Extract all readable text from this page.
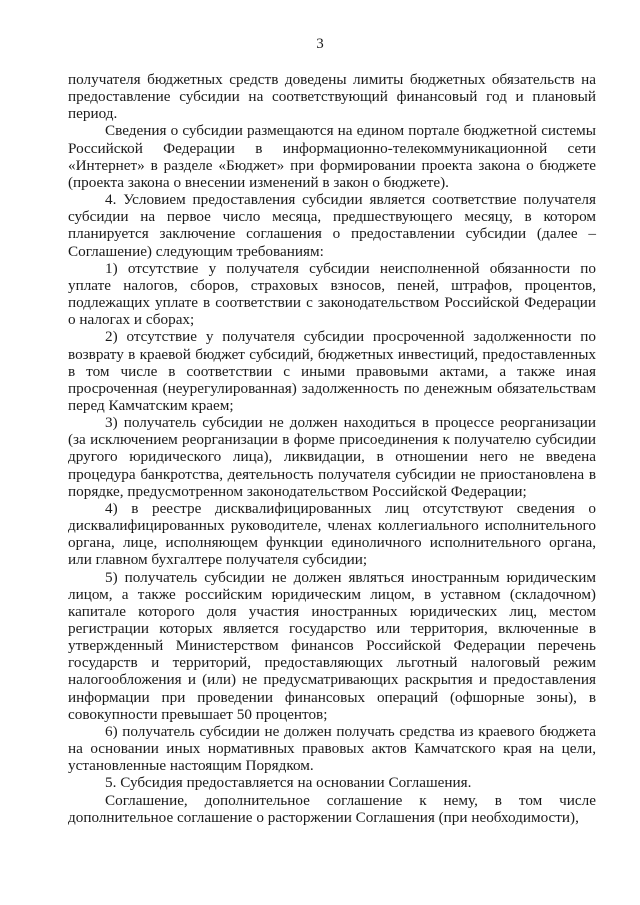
3

получателя бюджетных средств доведены лимиты бюджетных обязательств на предоставление субсидии на соответствующий финансовый год и плановый период.

Сведения о субсидии размещаются на едином портале бюджетной системы Российской Федерации в информационно-телекоммуникационной сети «Интернет» в разделе «Бюджет» при формировании проекта закона о бюджете (проекта закона о внесении изменений в закон о бюджете).

4. Условием предоставления субсидии является соответствие получателя субсидии на первое число месяца, предшествующего месяцу, в котором планируется заключение соглашения о предоставлении субсидии (далее – Соглашение) следующим требованиям:

1) отсутствие у получателя субсидии неисполненной обязанности по уплате налогов, сборов, страховых взносов, пеней, штрафов, процентов, подлежащих уплате в соответствии с законодательством Российской Федерации о налогах и сборах;

2) отсутствие у получателя субсидии просроченной задолженности по возврату в краевой бюджет субсидий, бюджетных инвестиций, предоставленных в том числе в соответствии с иными правовыми актами, а также иная просроченная (неурегулированная) задолженность по денежным обязательствам перед Камчатским краем;

3) получатель субсидии не должен находиться в процессе реорганизации (за исключением реорганизации в форме присоединения к получателю субсидии другого юридического лица), ликвидации, в отношении него не введена процедура банкротства, деятельность получателя субсидии не приостановлена в порядке, предусмотренном законодательством Российской Федерации;

4) в реестре дисквалифицированных лиц отсутствуют сведения о дисквалифицированных руководителе, членах коллегиального исполнительного органа, лице, исполняющем функции единоличного исполнительного органа, или главном бухгалтере получателя субсидии;

5) получатель субсидии не должен являться иностранным юридическим лицом, а также российским юридическим лицом, в уставном (складочном) капитале которого доля участия иностранных юридических лиц, местом регистрации которых является государство или территория, включенные в утвержденный Министерством финансов Российской Федерации перечень государств и территорий, предоставляющих льготный налоговый режим налогообложения и (или) не предусматривающих раскрытия и предоставления информации при проведении финансовых операций (офшорные зоны), в совокупности превышает 50 процентов;

6) получатель субсидии не должен получать средства из краевого бюджета на основании иных нормативных правовых актов Камчатского края на цели, установленные настоящим Порядком.

5. Субсидия предоставляется на основании Соглашения.

Соглашение, дополнительное соглашение к нему, в том числе дополнительное соглашение о расторжении Соглашения (при необходимости),
